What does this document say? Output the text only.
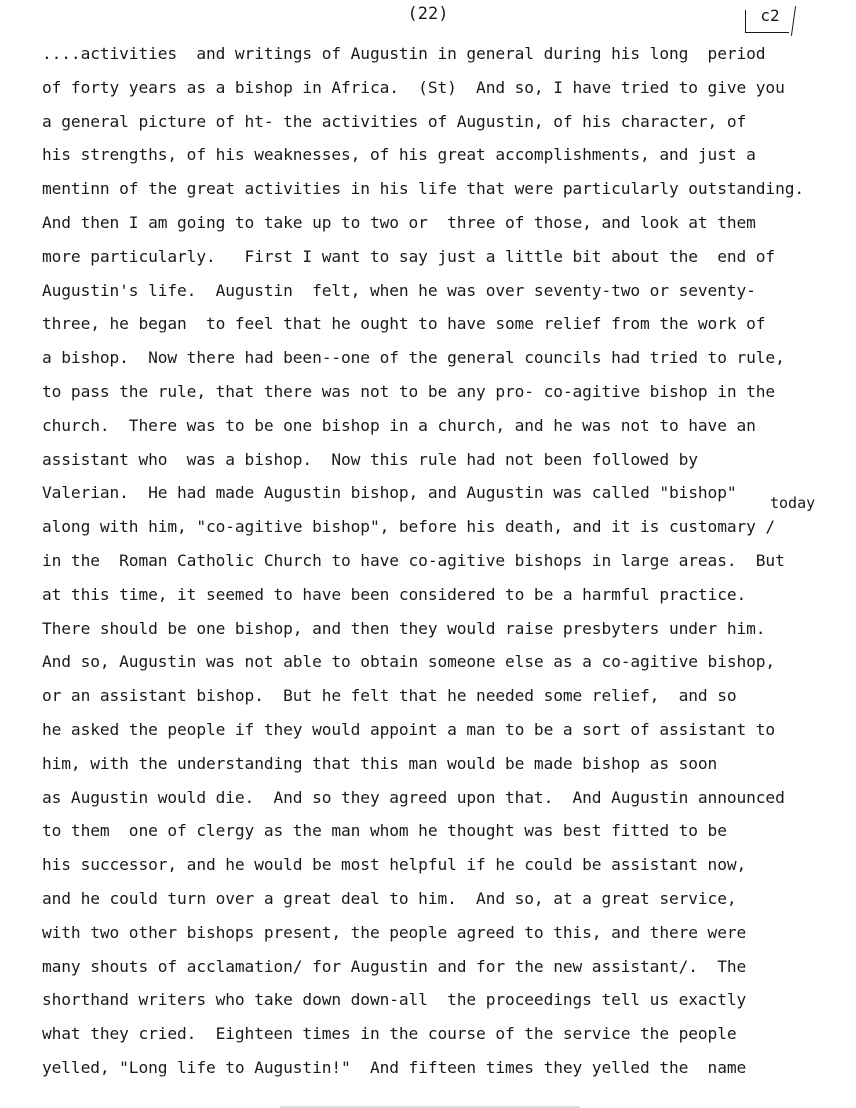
(22)	c2
today
....activities  and writings of Augustin in general during his long  period
of forty years as a bishop in Africa.  (St)  And so, I have tried to give you
a general picture of ht- the activities of Augustin, of his character, of
his strengths, of his weaknesses, of his great accomplishments, and just a
mentinn of the great activities in his life that were particularly outstanding.
And then I am going to take up to two or  three of those, and look at them
more particularly.   First I want to say just a little bit about the  end of
Augustin's life.  Augustin  felt, when he was over seventy-two or seventy-
three, he began  to feel that he ought to have some relief from the work of
a bishop.  Now there had been--one of the general councils had tried to rule,
to pass the rule, that there was not to be any pro- co-agitive bishop in the
church.  There was to be one bishop in a church, and he was not to have an
assistant who  was a bishop.  Now this rule had not been followed by
Valerian.  He had made Augustin bishop, and Augustin was called "bishop"
along with him, "co-agitive bishop", before his death, and it is customary /
in the  Roman Catholic Church to have co-agitive bishops in large areas.  But
at this time, it seemed to have been considered to be a harmful practice.
There should be one bishop, and then they would raise presbyters under him.
And so, Augustin was not able to obtain someone else as a co-agitive bishop,
or an assistant bishop.  But he felt that he needed some relief,  and so
he asked the people if they would appoint a man to be a sort of assistant to
him, with the understanding that this man would be made bishop as soon
as Augustin would die.  And so they agreed upon that.  And Augustin announced
to them  one of clergy as the man whom he thought was best fitted to be
his successor, and he would be most helpful if he could be assistant now,
and he could turn over a great deal to him.  And so, at a great service,
with two other bishops present, the people agreed to this, and there were
many shouts of acclamation/ for Augustin and for the new assistant/.  The
shorthand writers who take down down-all  the proceedings tell us exactly
what they cried.  Eighteen times in the course of the service the people
yelled, "Long life to Augustin!"  And fifteen times they yelled the  name
